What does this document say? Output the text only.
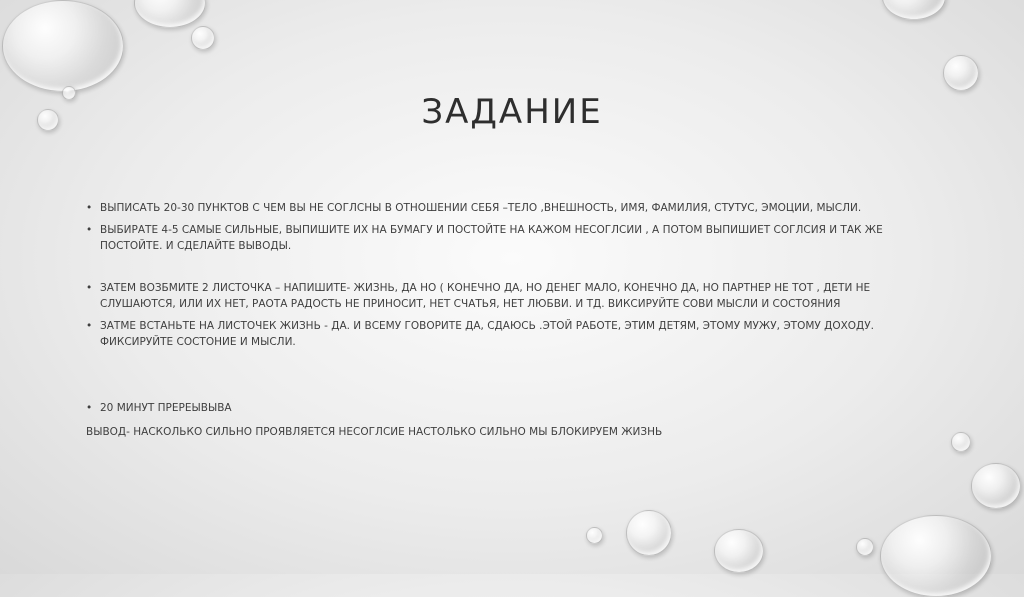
ЗАДАНИЕ
• ВЫПИСАТЬ 20-30 ПУНКТОВ С ЧЕМ ВЫ НЕ СОГЛСНЫ В ОТНОШЕНИИ СЕБЯ –ТЕЛО ,ВНЕШНОСТЬ, ИМЯ, ФАМИЛИЯ, СТУТУС, ЭМОЦИИ, МЫСЛИ.
• ВЫБИРАТЕ 4-5 САМЫЕ СИЛЬНЫЕ, ВЫПИШИТЕ ИХ НА БУМАГУ И ПОСТОЙТЕ НА КАЖОМ НЕСОГЛСИИ , А ПОТОМ ВЫПИШИЕТ СОГЛСИЯ И ТАК ЖЕ ПОСТОЙТЕ. И СДЕЛАЙТЕ ВЫВОДЫ.
• ЗАТЕМ ВОЗБМИТЕ 2 ЛИСТОЧКА – НАПИШИТЕ- ЖИЗНЬ, ДА НО ( КОНЕЧНО ДА, НО ДЕНЕГ МАЛО, КОНЕЧНО ДА, НО ПАРТНЕР НЕ ТОТ , ДЕТИ НЕ СЛУШАЮТСЯ, ИЛИ ИХ НЕТ, РАОТА РАДОСТЬ НЕ ПРИНОСИТ, НЕТ СЧАТЬЯ, НЕТ ЛЮБВИ. И ТД. ВИКСИРУЙТЕ СОВИ МЫСЛИ И СОСТОЯНИЯ
• ЗАТМЕ ВСТАНЬТЕ НА ЛИСТОЧЕК ЖИЗНЬ - ДА. И ВСЕМУ ГОВОРИТЕ ДА, СДАЮСЬ .ЭТОЙ РАБОТЕ, ЭТИМ ДЕТЯМ, ЭТОМУ МУЖУ, ЭТОМУ ДОХОДУ. ФИКСИРУЙТЕ СОСТОНИЕ И МЫСЛИ.
• 20 МИНУТ ПРЕРЕЫВЫВА
ВЫВОД- НАСКОЛЬКО СИЛЬНО ПРОЯВЛЯЕТСЯ НЕСОГЛСИЕ НАСТОЛЬКО СИЛЬНО МЫ БЛОКИРУЕМ ЖИЗНЬ
